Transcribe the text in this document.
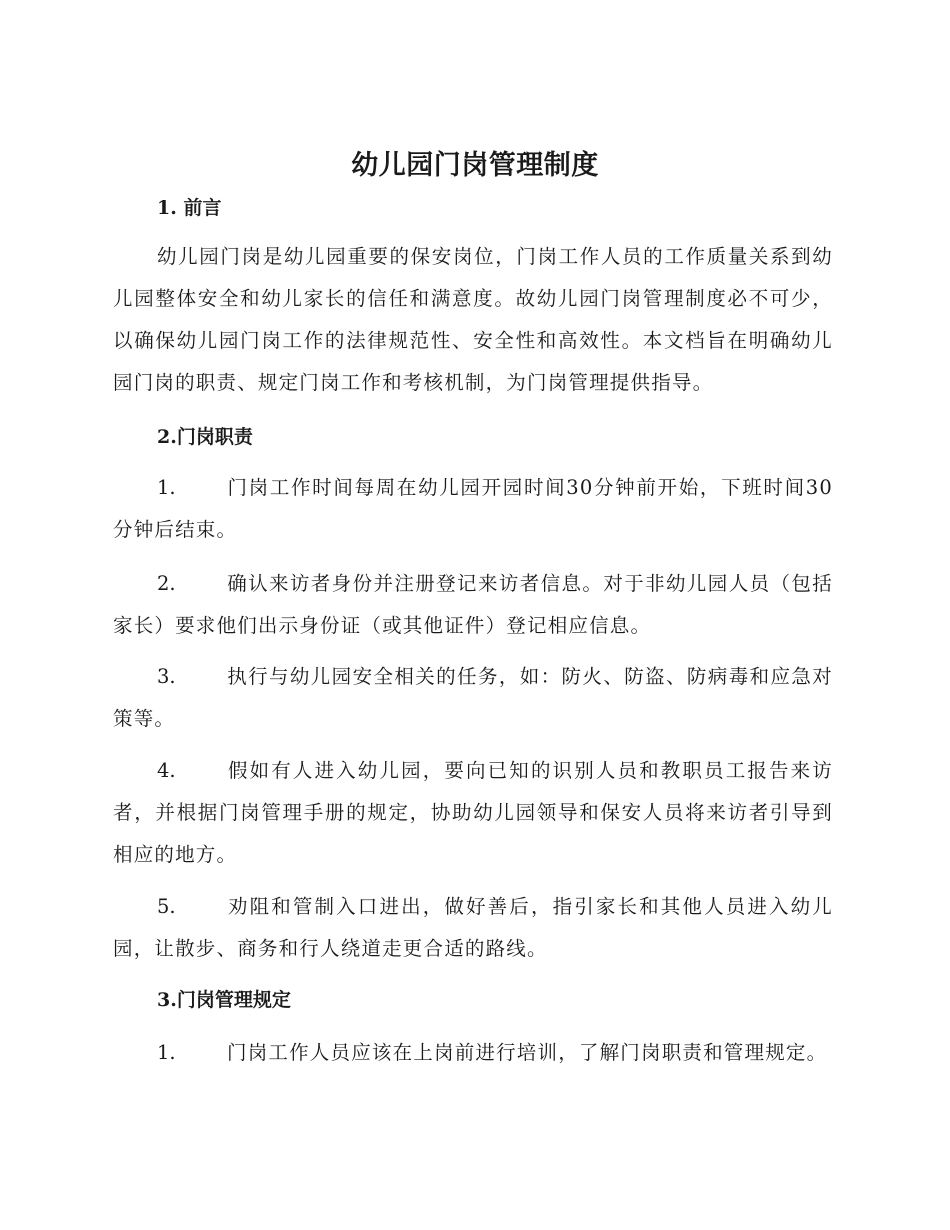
幼儿园门岗管理制度
1. 前言

幼儿园门岗是幼儿园重要的保安岗位，门岗工作人员的工作质量关系到幼儿园整体安全和幼儿家长的信任和满意度。故幼儿园门岗管理制度必不可少，以确保幼儿园门岗工作的法律规范性、安全性和高效性。本文档旨在明确幼儿园门岗的职责、规定门岗工作和考核机制，为门岗管理提供指导。

2.门岗职责

1.	门岗工作时间每周在幼儿园开园时间30分钟前开始，下班时间30分钟后结束。

2.	确认来访者身份并注册登记来访者信息。对于非幼儿园人员（包括家长）要求他们出示身份证（或其他证件）登记相应信息。

3.	执行与幼儿园安全相关的任务，如：防火、防盗、防病毒和应急对策等。

4.	假如有人进入幼儿园，要向已知的识别人员和教职员工报告来访者，并根据门岗管理手册的规定，协助幼儿园领导和保安人员将来访者引导到相应的地方。

5.	劝阻和管制入口进出，做好善后，指引家长和其他人员进入幼儿园，让散步、商务和行人绕道走更合适的路线。

3.门岗管理规定

1.	门岗工作人员应该在上岗前进行培训，了解门岗职责和管理规定。
